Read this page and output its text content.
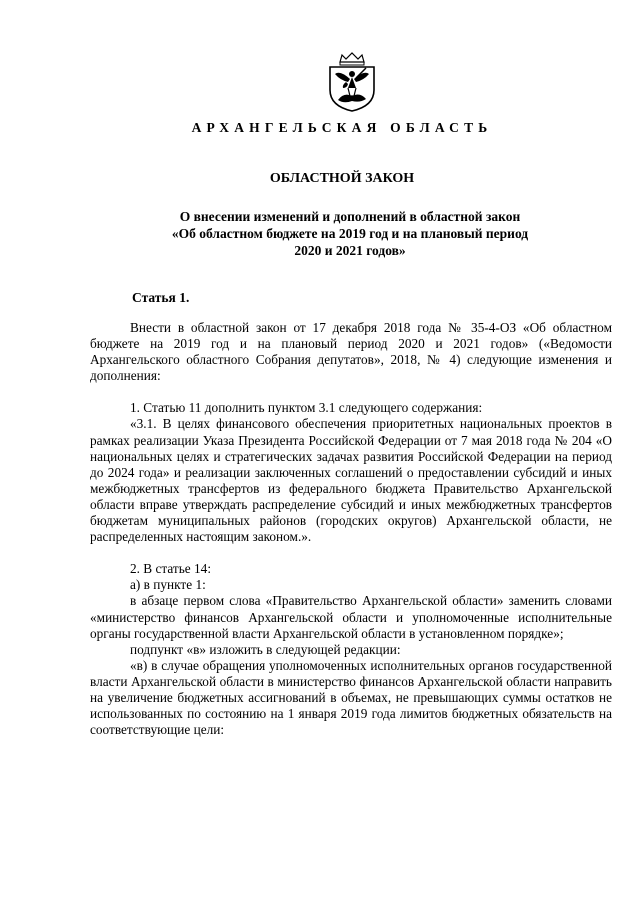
АРХАНГЕЛЬСКАЯ ОБЛАСТЬ
ОБЛАСТНОЙ ЗАКОН
О внесении изменений и дополнений в областной закон
«Об областном бюджете на 2019 год и на плановый период
2020 и 2021 годов»
Статья 1.

Внести в областной закон от 17 декабря 2018 года № 35-4-ОЗ «Об областном бюджете на 2019 год и на плановый период 2020 и 2021 годов» («Ведомости Архангельского областного Собрания депутатов», 2018, № 4) следующие изменения и дополнения:

1. Статью 11 дополнить пунктом 3.1 следующего содержания:

«3.1. В целях финансового обеспечения приоритетных национальных проектов в рамках реализации Указа Президента Российской Федерации от 7 мая 2018 года № 204 «О национальных целях и стратегических задачах развития Российской Федерации на период до 2024 года» и реализации заключенных соглашений о предоставлении субсидий и иных межбюджетных трансфертов из федерального бюджета Правительство Архангельской области вправе утверждать распределение субсидий и иных межбюджетных трансфертов бюджетам муниципальных районов (городских округов) Архангельской области, не распределенных настоящим законом.».

2. В статье 14:

а) в пункте 1:

в абзаце первом слова «Правительство Архангельской области» заменить словами «министерство финансов Архангельской области и уполномоченные исполнительные органы государственной власти Архангельской области в установленном порядке»;

подпункт «в» изложить в следующей редакции:

«в) в случае обращения уполномоченных исполнительных органов государственной власти Архангельской области в министерство финансов Архангельской области направить на увеличение бюджетных ассигнований в объемах, не превышающих суммы остатков не использованных по состоянию на 1 января 2019 года лимитов бюджетных обязательств на соответствующие цели:
